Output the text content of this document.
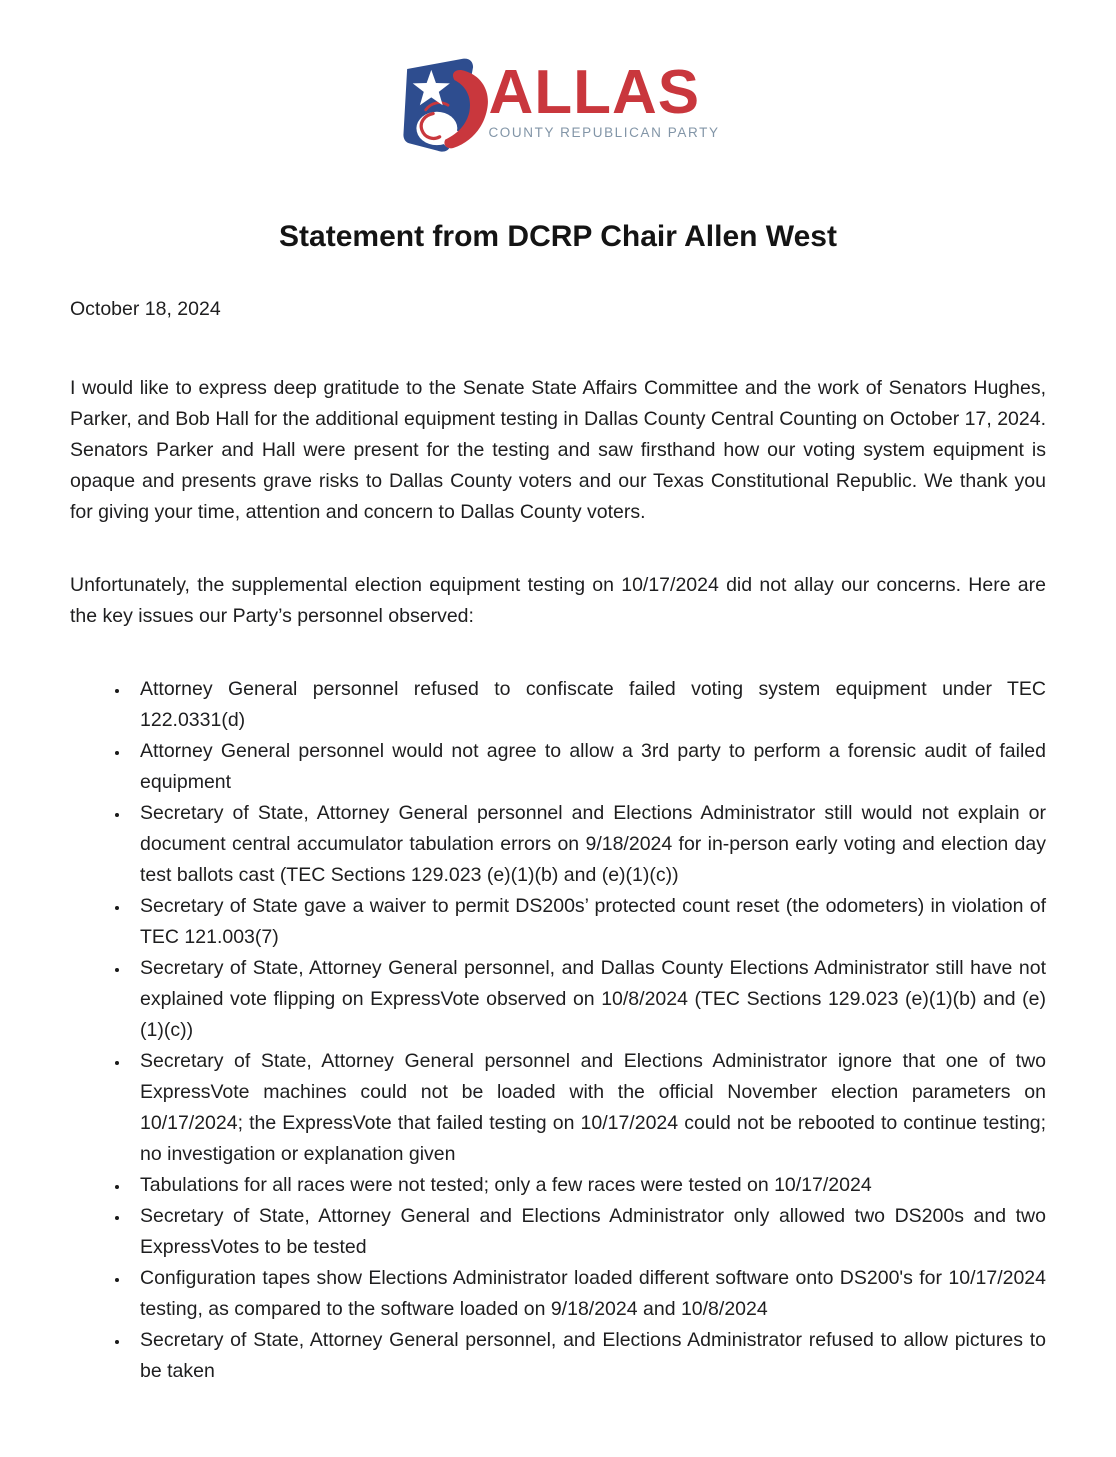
ALLAS
COUNTY REPUBLICAN PARTY
Statement from DCRP Chair Allen West

October 18, 2024

I would like to express deep gratitude to the Senate State Affairs Committee and the work of Senators Hughes, Parker, and Bob Hall for the additional equipment testing in Dallas County Central Counting on October 17, 2024. Senators Parker and Hall were present for the testing and saw firsthand how our voting system equipment is opaque and presents grave risks to Dallas County voters and our Texas Constitutional Republic. We thank you for giving your time, attention and concern to Dallas County voters.

Unfortunately, the supplemental election equipment testing on 10/17/2024 did not allay our concerns. Here are the key issues our Party’s personnel observed:

• Attorney General personnel refused to confiscate failed voting system equipment under TEC 122.0331(d)
• Attorney General personnel would not agree to allow a 3rd party to perform a forensic audit of failed equipment
• Secretary of State, Attorney General personnel and Elections Administrator still would not explain or document central accumulator tabulation errors on 9/18/2024 for in-person early voting and election day test ballots cast (TEC Sections 129.023 (e)(1)(b) and (e)(1)(c))
• Secretary of State gave a waiver to permit DS200s’ protected count reset (the odometers) in violation of TEC 121.003(7)
• Secretary of State, Attorney General personnel, and Dallas County Elections Administrator still have not explained vote flipping on ExpressVote observed on 10/8/2024 (TEC Sections 129.023 (e)(1)(b) and (e)(1)(c))
• Secretary of State, Attorney General personnel and Elections Administrator ignore that one of two ExpressVote machines could not be loaded with the official November election parameters on 10/17/2024; the ExpressVote that failed testing on 10/17/2024 could not be rebooted to continue testing; no investigation or explanation given
• Tabulations for all races were not tested; only a few races were tested on 10/17/2024
• Secretary of State, Attorney General and Elections Administrator only allowed two DS200s and two ExpressVotes to be tested
• Configuration tapes show Elections Administrator loaded different software onto DS200's for 10/17/2024 testing, as compared to the software loaded on 9/18/2024 and 10/8/2024
• Secretary of State, Attorney General personnel, and Elections Administrator refused to allow pictures to be taken
